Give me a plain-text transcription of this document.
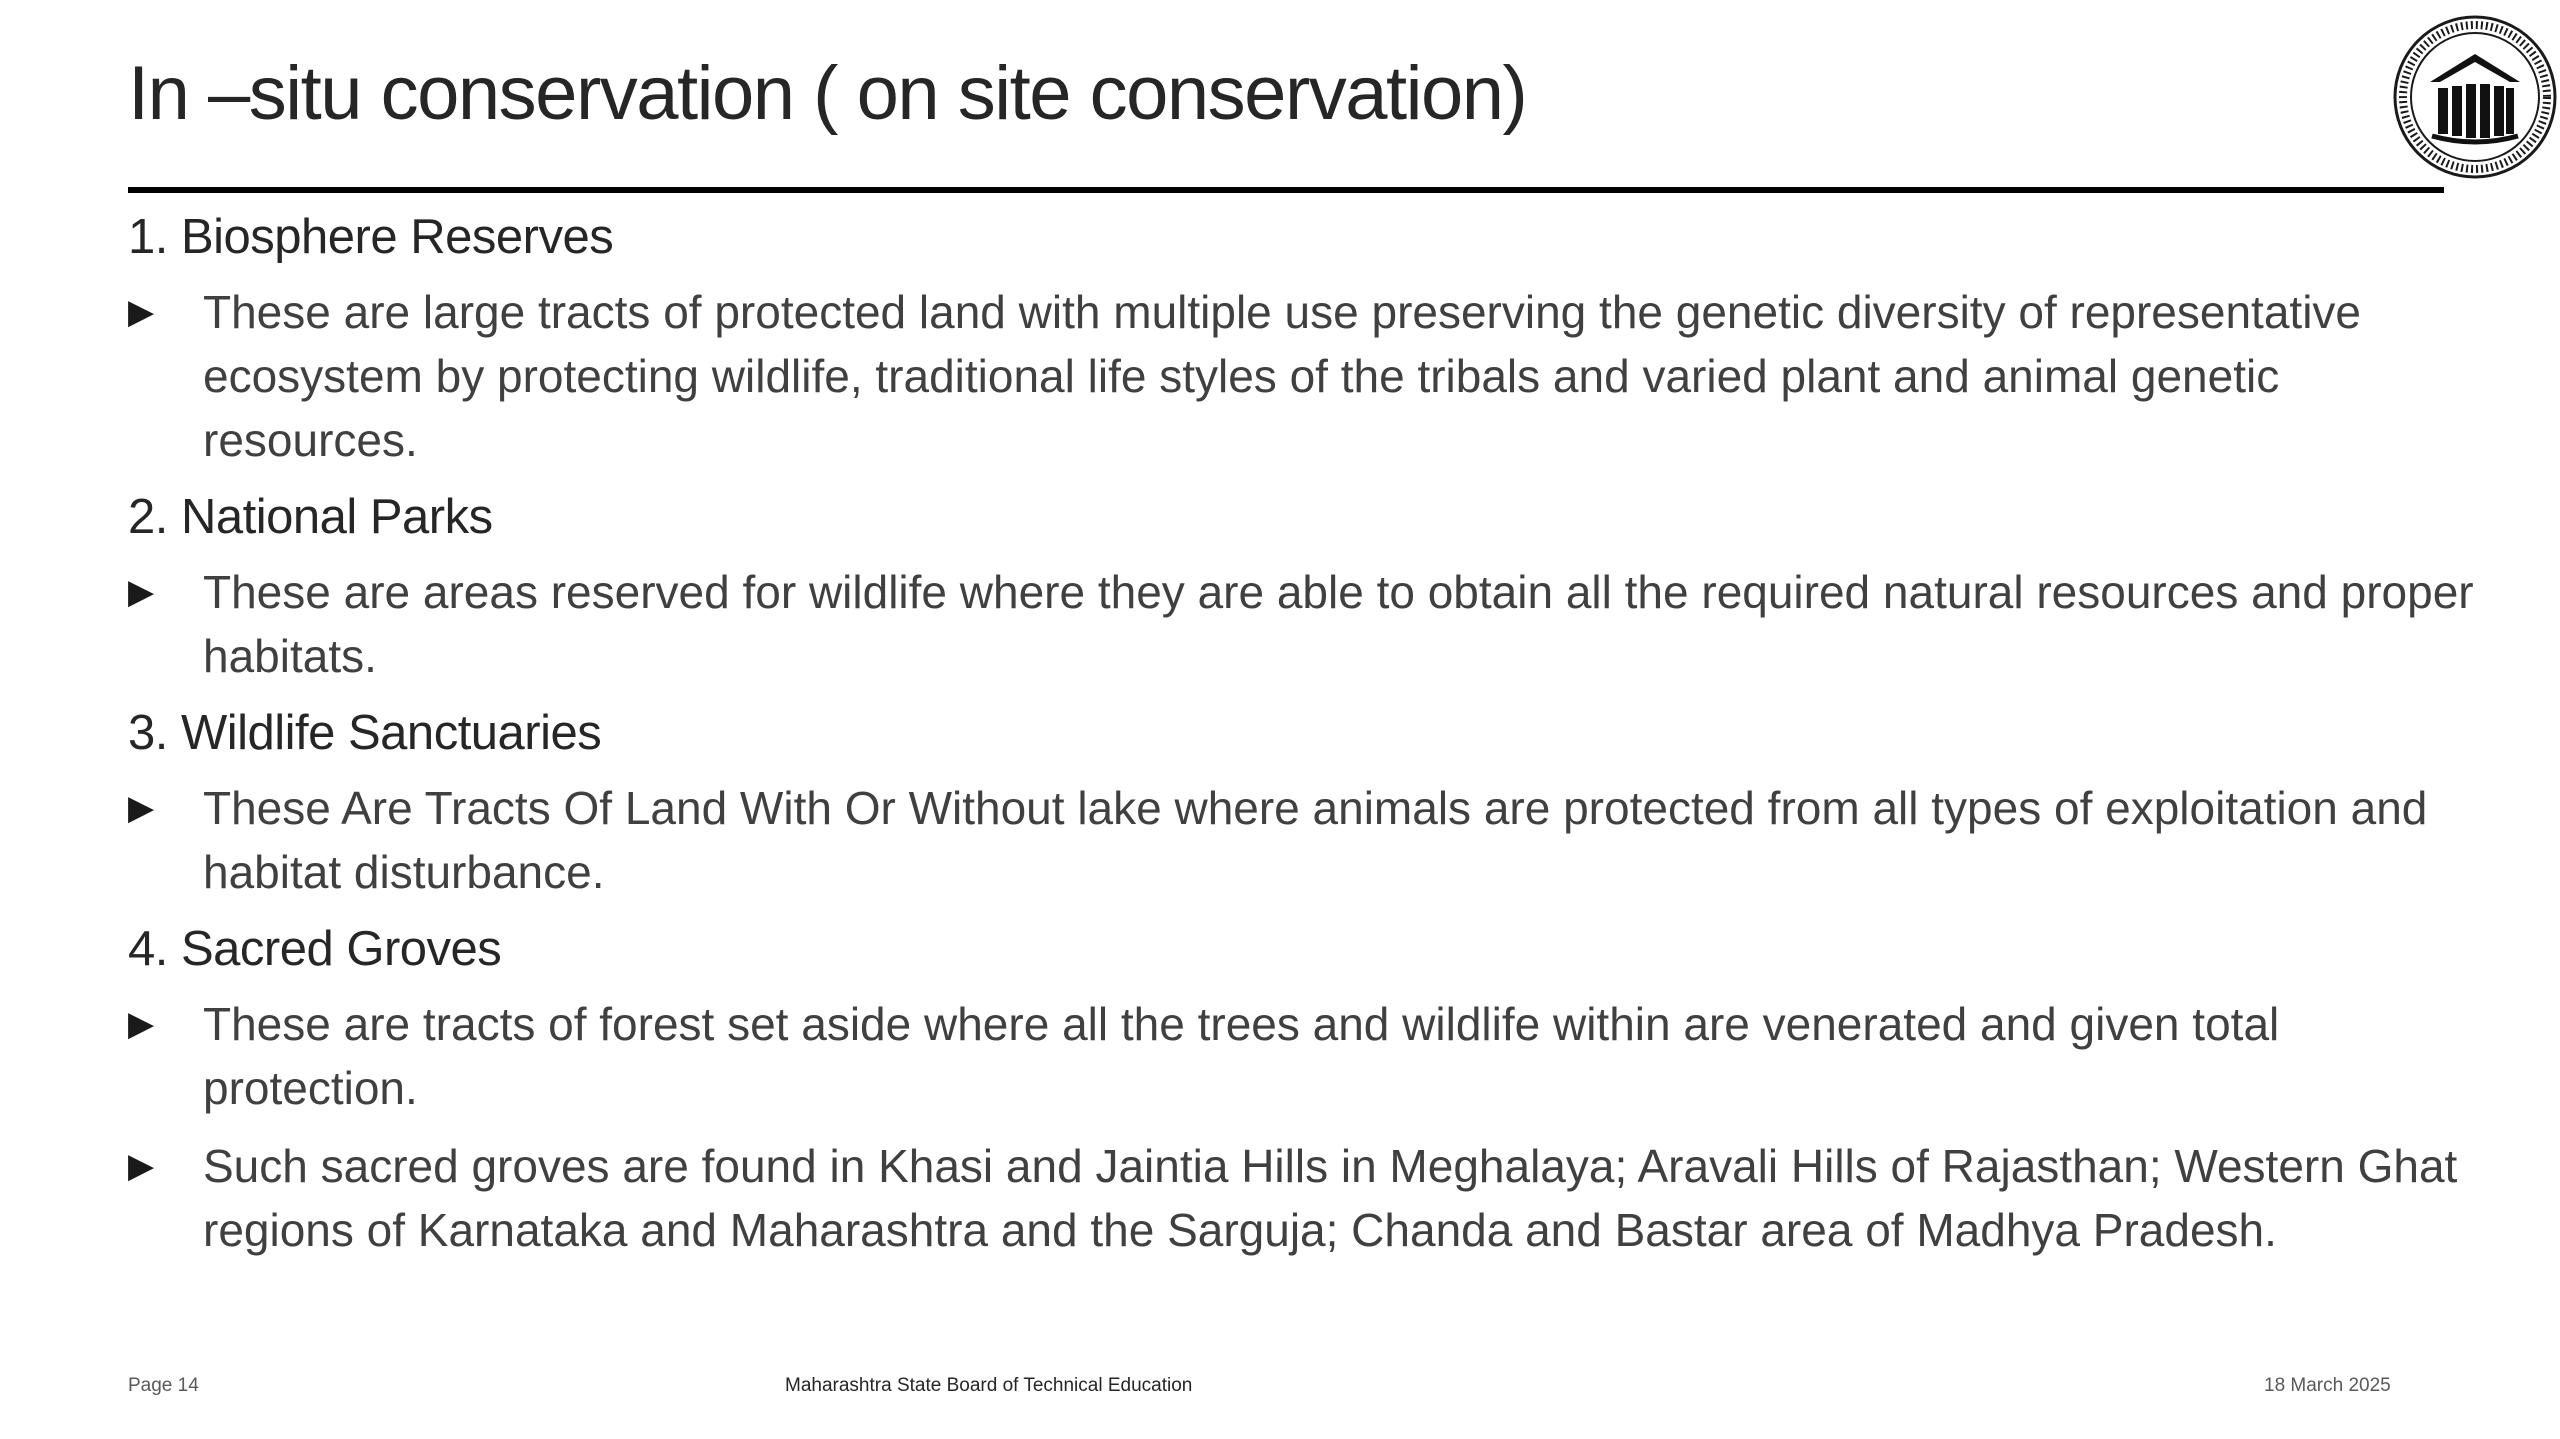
In –situ conservation ( on site conservation)
1. Biosphere Reserves
▶	These are large tracts of protected land with multiple use preserving the genetic diversity of representative ecosystem by protecting wildlife, traditional life styles of the tribals and varied plant and animal genetic resources.
2. National Parks
▶	These are areas reserved for wildlife where they are able to obtain all the required natural resources and proper habitats.
3. Wildlife Sanctuaries
▶	These Are Tracts Of Land With Or Without lake where animals are protected from all types of exploitation and habitat disturbance.
4. Sacred Groves
▶	These are tracts of forest set aside where all the trees and wildlife within are venerated and given total protection.
▶	Such sacred groves are found in Khasi and Jaintia Hills in Meghalaya; Aravali Hills of Rajasthan; Western Ghat regions of Karnataka and Maharashtra and the Sarguja; Chanda and Bastar area of Madhya Pradesh.
Page 14	Maharashtra State Board of Technical Education	18 March 2025
